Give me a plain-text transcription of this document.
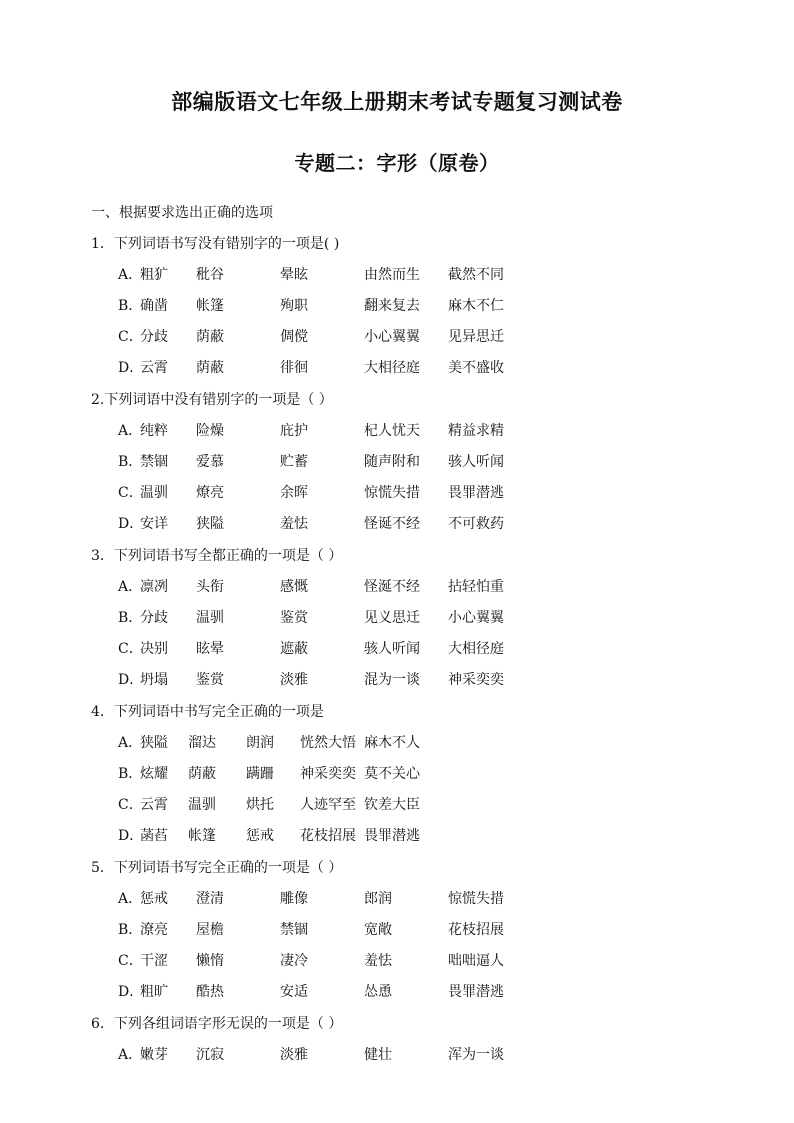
部编版语文七年级上册期末考试专题复习测试卷
专题二：字形（原卷）
一、根据要求选出正确的选项
1．下列词语书写没有错别字的一项是( )
A．
粗犷 秕谷	晕眩	由然而生 截然不同
B．
确凿 帐篷	殉职	翻来复去 麻木不仁
C．
分歧 荫蔽	倜傥	小心翼翼 见异思迁
D．
云霄 荫蔽	徘徊	大相径庭 美不盛收
2.下列词语中没有错别字的一项是（ ）
A．
纯粹 险燥	庇护	杞人忧天 精益求精
B．
禁锢 爱慕	贮蓄	随声附和 骇人听闻
C．
温驯 燎亮	余晖	惊慌失措 畏罪潜逃
D．
安详 狭隘	羞怯	怪诞不经 不可救药
3．下列词语书写全都正确的一项是（ ）
A．
凛冽 头衔	感慨	怪涎不经 拈轻怕重
B．
分歧 温驯	鉴赏	见义思迁 小心翼翼
C．
决别 眩晕	遮蔽	骇人听闻 大相径庭
D．
坍塌 鉴赏	淡雅	混为一谈 神采奕奕
4．下列词语中书写完全正确的一项是
A．
狭隘 溜达 朗润 恍然大悟 麻木不人
B．
炫耀 荫蔽 蹒跚 神采奕奕 莫不关心
C．
云霄 温驯 烘托 人迹罕至 钦差大臣
D．
菡萏 帐篷 惩戒 花枝招展 畏罪潜逃
5．下列词语书写完全正确的一项是（ ）
A．
惩戒 澄清	雕像	郎润	惊慌失措
B．
潦亮 屋檐	禁锢	宽敞	花枝招展
C．
干涩 懒惰	凄冷	羞怯	咄咄逼人
D．
粗旷 酷热	安适	怂恿	畏罪潜逃
6．下列各组词语字形无误的一项是（ ）
A．
嫩芽 沉寂	淡雅	健壮	浑为一谈
